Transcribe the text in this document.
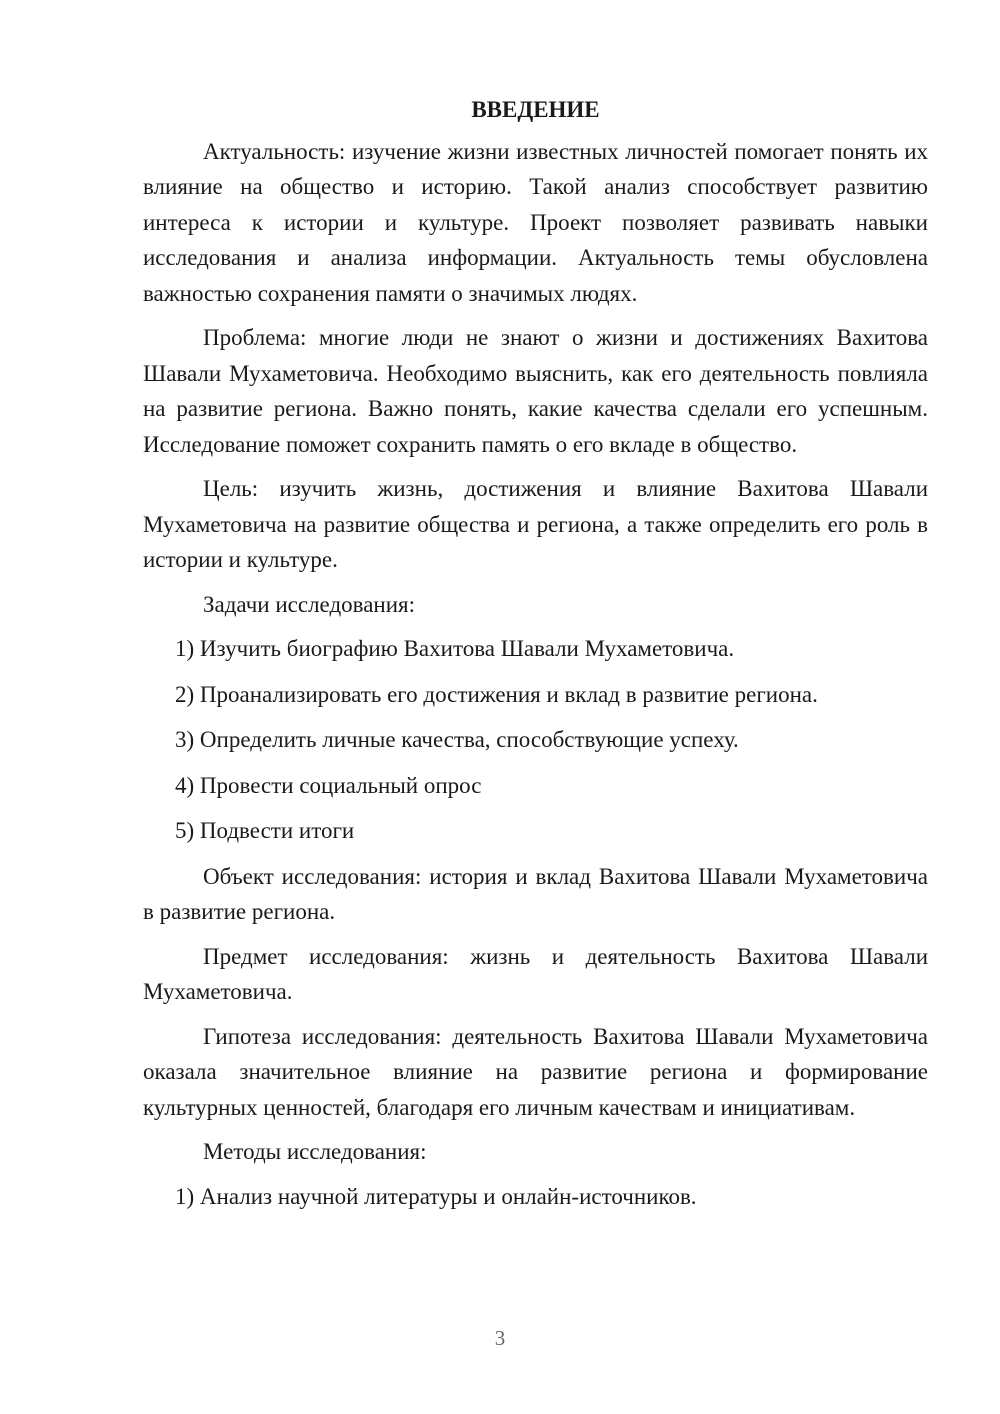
ВВЕДЕНИЕ

Актуальность: изучение жизни известных личностей помогает понять их влияние на общество и историю. Такой анализ способствует развитию интереса к истории и культуре. Проект позволяет развивать навыки исследования и анализа информации. Актуальность темы обусловлена важностью сохранения памяти о значимых людях.

Проблема: многие люди не знают о жизни и достижениях Вахитова Шавали Мухаметовича. Необходимо выяснить, как его деятельность повлияла на развитие региона. Важно понять, какие качества сделали его успешным. Исследование поможет сохранить память о его вкладе в общество.

Цель: изучить жизнь, достижения и влияние Вахитова Шавали Мухаметовича на развитие общества и региона, а также определить его роль в истории и культуре.

Задачи исследования:

1) Изучить биографию Вахитова Шавали Мухаметовича.

2) Проанализировать его достижения и вклад в развитие региона.

3) Определить личные качества, способствующие успеху.

4) Провести социальный опрос

5) Подвести итоги

Объект исследования: история и вклад Вахитова Шавали Мухаметовича в развитие региона.

Предмет исследования: жизнь и деятельность Вахитова Шавали Мухаметовича.

Гипотеза исследования: деятельность Вахитова Шавали Мухаметовича оказала значительное влияние на развитие региона и формирование культурных ценностей, благодаря его личным качествам и инициативам.

Методы исследования:

1) Анализ научной литературы и онлайн-источников.

3
